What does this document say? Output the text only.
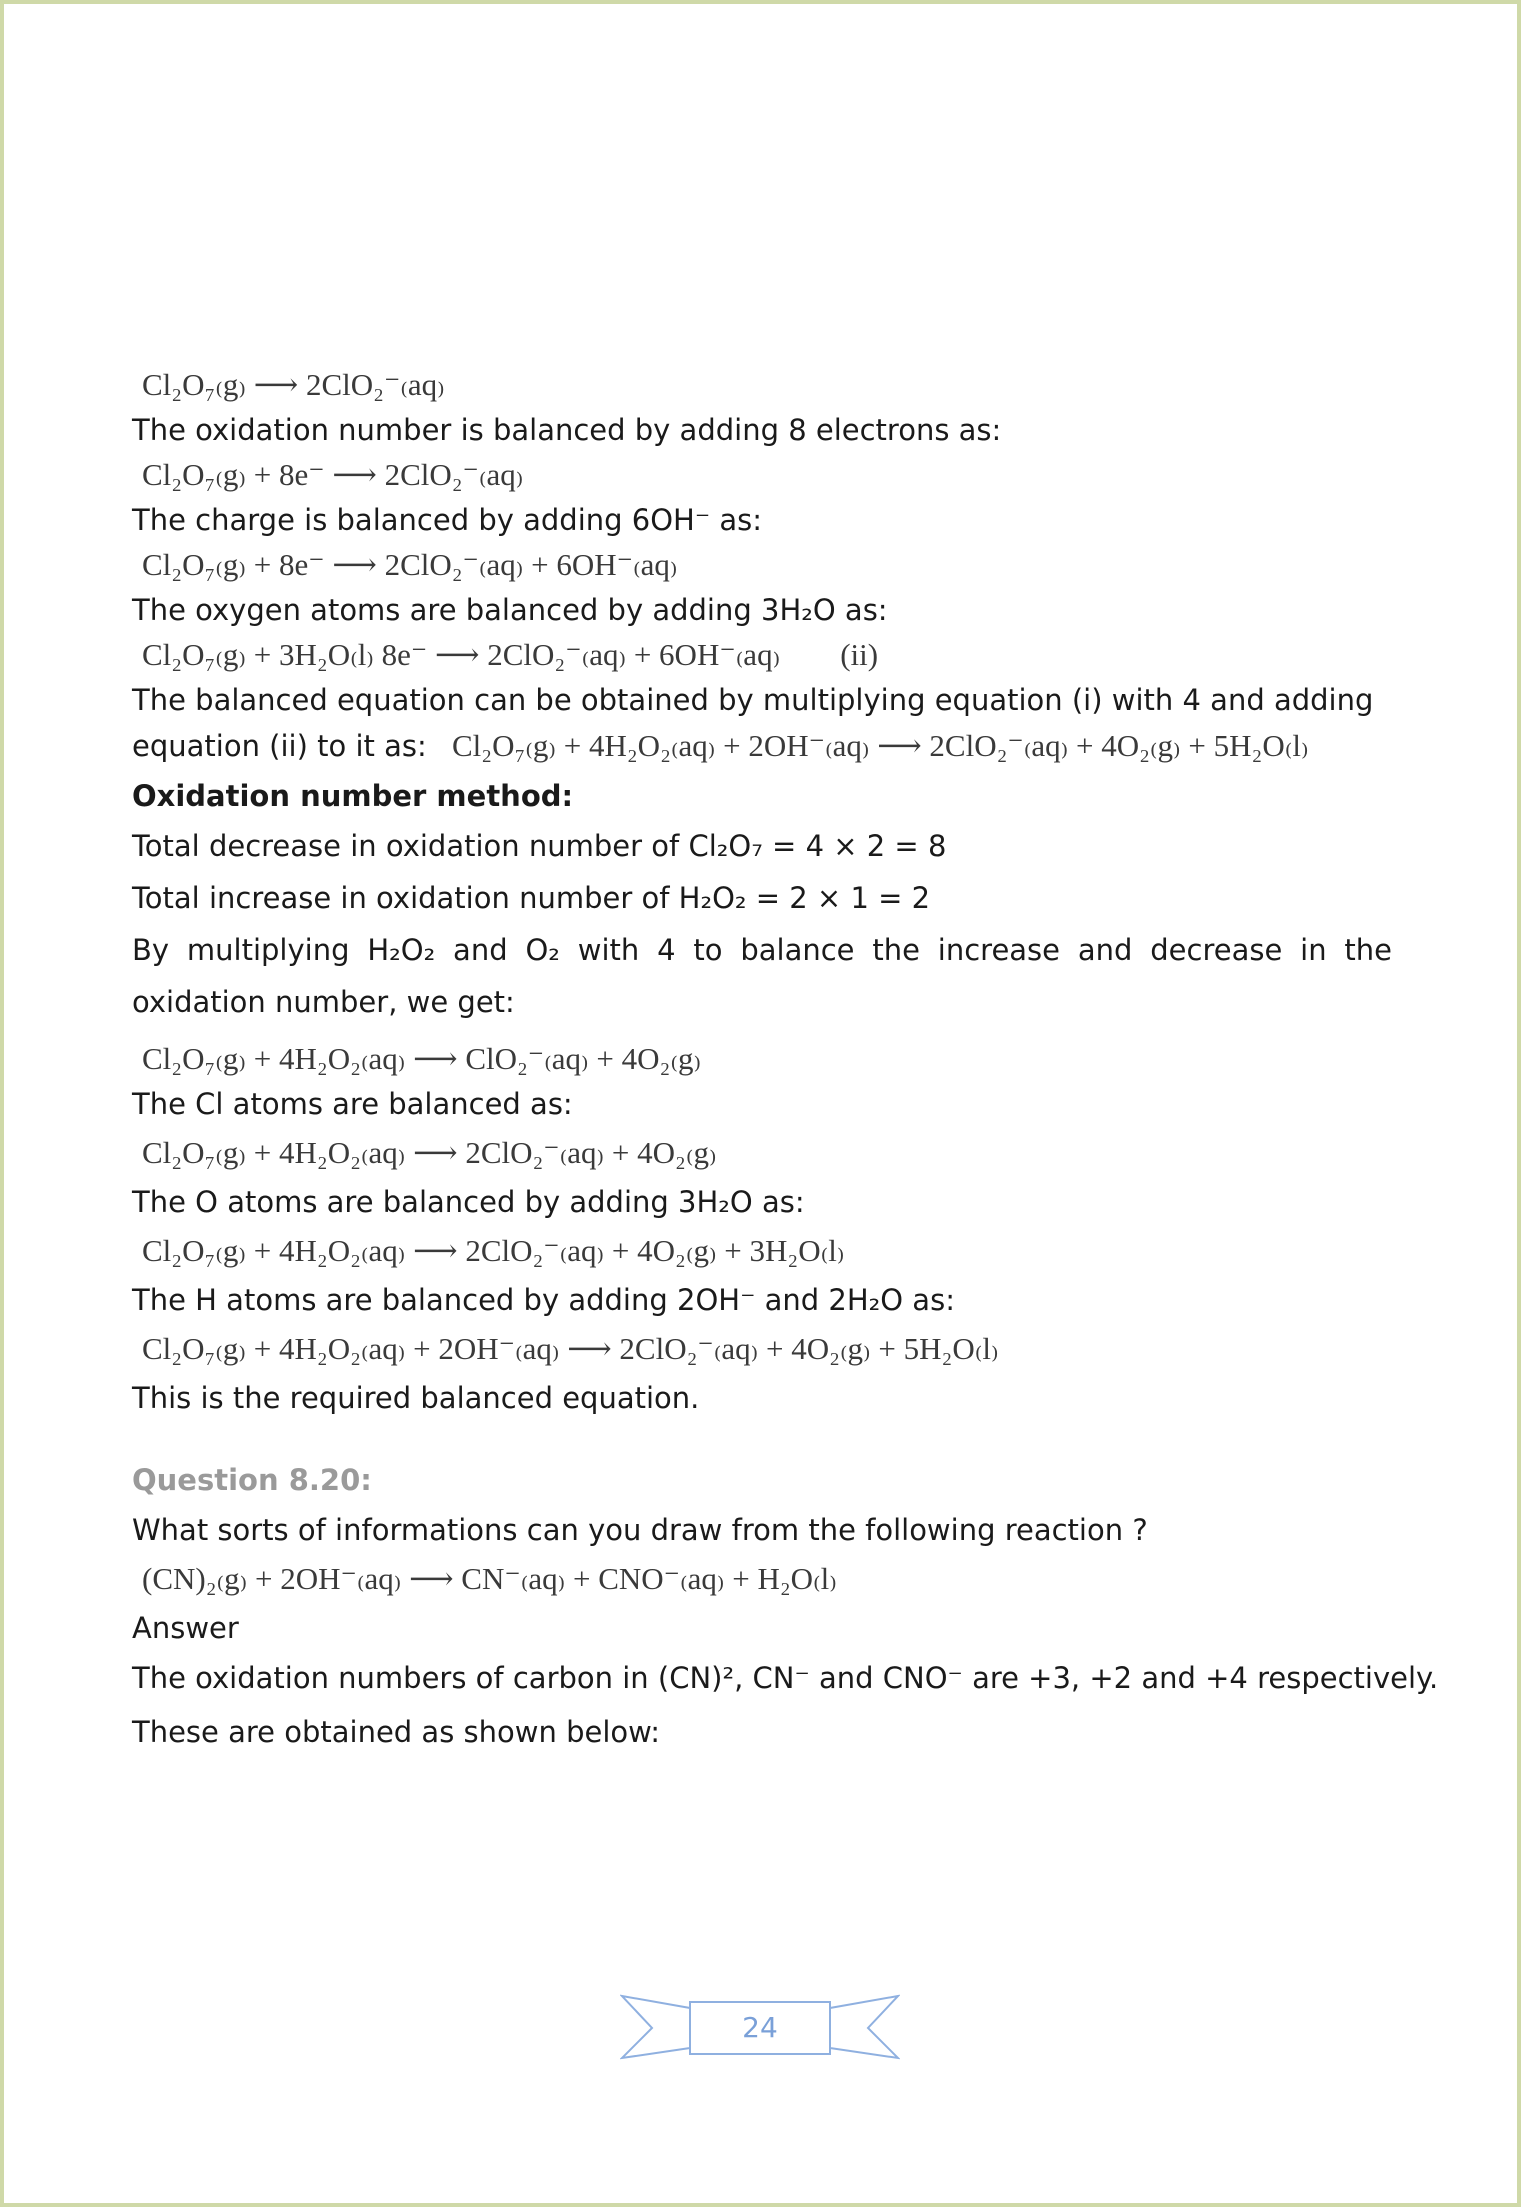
Cl₂O₇₍g₎ ⟶ 2ClO₂⁻₍aq₎
The oxidation number is balanced by adding 8 electrons as:
Cl₂O₇₍g₎ + 8e⁻ ⟶ 2ClO₂⁻₍aq₎
The charge is balanced by adding 6OH⁻ as:
Cl₂O₇₍g₎ + 8e⁻ ⟶ 2ClO₂⁻₍aq₎ + 6OH⁻₍aq₎
The oxygen atoms are balanced by adding 3H₂O as:
Cl₂O₇₍g₎ + 3H₂O₍l₎ 8e⁻ ⟶ 2ClO₂⁻₍aq₎ + 6OH⁻₍aq₎ (ii)
The balanced equation can be obtained by multiplying equation (i) with 4 and adding
equation (ii) to it as: Cl₂O₇₍g₎ + 4H₂O₂₍aq₎ + 2OH⁻₍aq₎ ⟶ 2ClO₂⁻₍aq₎ + 4O₂₍g₎ + 5H₂O₍l₎
Oxidation number method:
Total decrease in oxidation number of Cl₂O₇ = 4 × 2 = 8
Total increase in oxidation number of H₂O₂ = 2 × 1 = 2
By multiplying H₂O₂ and O₂ with 4 to balance the increase and decrease in the oxidation number, we get:
Cl₂O₇₍g₎ + 4H₂O₂₍aq₎ ⟶ ClO₂⁻₍aq₎ + 4O₂₍g₎
The Cl atoms are balanced as:
Cl₂O₇₍g₎ + 4H₂O₂₍aq₎ ⟶ 2ClO₂⁻₍aq₎ + 4O₂₍g₎
The O atoms are balanced by adding 3H₂O as:
Cl₂O₇₍g₎ + 4H₂O₂₍aq₎ ⟶ 2ClO₂⁻₍aq₎ + 4O₂₍g₎ + 3H₂O₍l₎
The H atoms are balanced by adding 2OH⁻ and 2H₂O as:
Cl₂O₇₍g₎ + 4H₂O₂₍aq₎ + 2OH⁻₍aq₎ ⟶ 2ClO₂⁻₍aq₎ + 4O₂₍g₎ + 5H₂O₍l₎
This is the required balanced equation.
Question 8.20:
What sorts of informations can you draw from the following reaction ?
(CN)₂₍g₎ + 2OH⁻₍aq₎ ⟶ CN⁻₍aq₎ + CNO⁻₍aq₎ + H₂O₍l₎
Answer
The oxidation numbers of carbon in (CN)², CN⁻ and CNO⁻ are +3, +2 and +4 respectively.
These are obtained as shown below:
24
